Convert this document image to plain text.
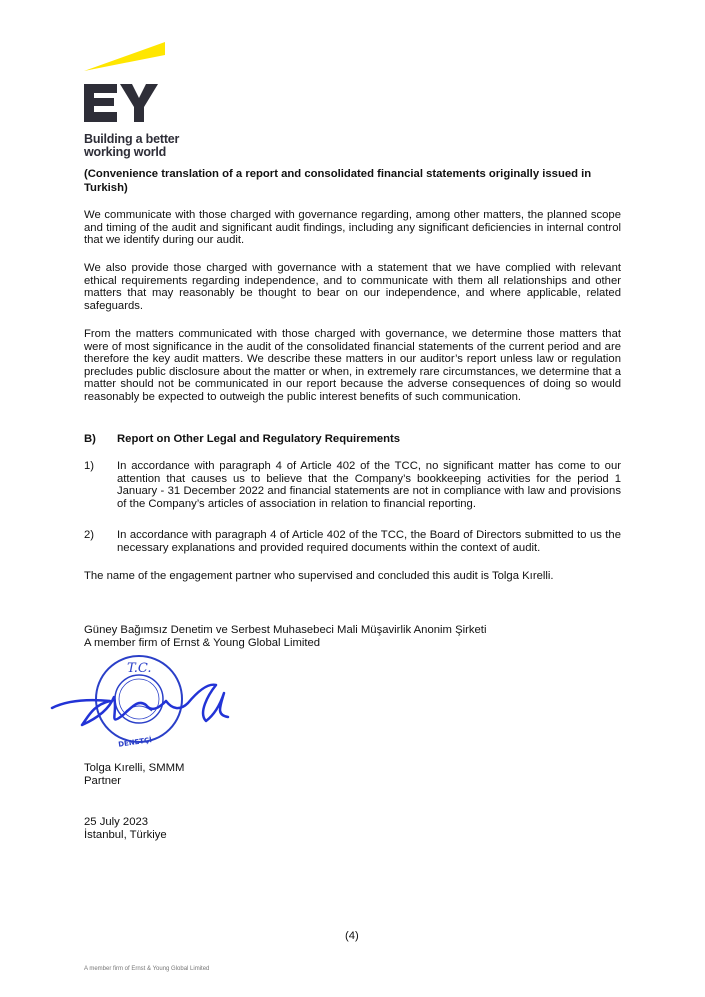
Building a better
working world
(Convenience translation of a report and consolidated financial statements originally issued in Turkish)
We communicate with those charged with governance regarding, among other matters, the planned scope and timing of the audit and significant audit findings, including any significant deficiencies in internal control that we identify during our audit.
We also provide those charged with governance with a statement that we have complied with relevant ethical requirements regarding independence, and to communicate with them all relationships and other matters that may reasonably be thought to bear on our independence, and where applicable, related safeguards.
From the matters communicated with those charged with governance, we determine those matters that were of most significance in the audit of the consolidated financial statements of the current period and are therefore the key audit matters. We describe these matters in our auditor’s report unless law or regulation precludes public disclosure about the matter or when, in extremely rare circumstances, we determine that a matter should not be communicated in our report because the adverse consequences of doing so would reasonably be expected to outweigh the public interest benefits of such communication.
B) Report on Other Legal and Regulatory Requirements
1) In accordance with paragraph 4 of Article 402 of the TCC, no significant matter has come to our attention that causes us to believe that the Company’s bookkeeping activities for the period 1 January - 31 December 2022 and financial statements are not in compliance with law and provisions of the Company’s articles of association in relation to financial reporting.
2) In accordance with paragraph 4 of Article 402 of the TCC, the Board of Directors submitted to us the necessary explanations and provided required documents within the context of audit.
The name of the engagement partner who supervised and concluded this audit is Tolga Kırelli.
Güney Bağımsız Denetim ve Serbest Muhasebeci Mali Müşavirlik Anonim Şirketi
A member firm of Ernst & Young Global Limited
T.C.
DENETÇİ
Tolga Kırelli, SMMM
Partner
25 July 2023
İstanbul, Türkiye
(4)
A member firm of Ernst & Young Global Limited
